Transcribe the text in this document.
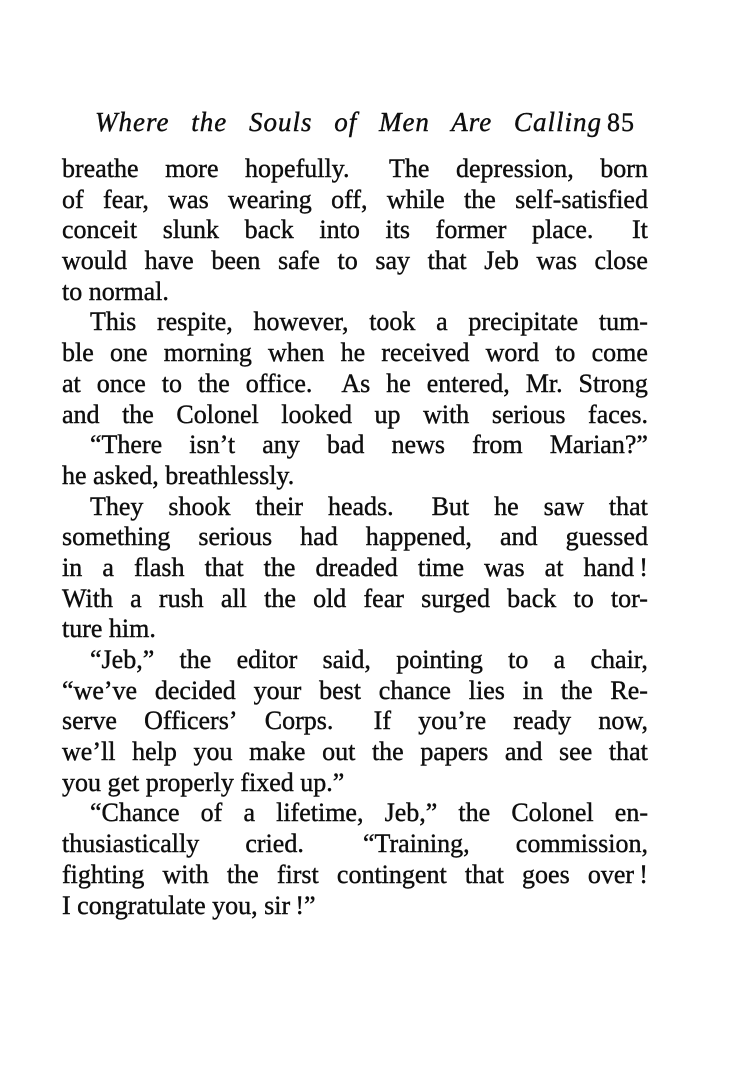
Where the Souls of Men Are Calling 85
breathe more hopefully.  The depression, born
of fear, was wearing off, while the self-satisfied
conceit slunk back into its former place.  It
would have been safe to say that Jeb was close
to normal.
This respite, however, took a precipitate tum-
ble one morning when he received word to come
at once to the office.  As he entered, Mr. Strong
and the Colonel looked up with serious faces.
“There isn’t any bad news from Marian?”
he asked, breathlessly.
They shook their heads.  But he saw that
something serious had happened, and guessed
in a flash that the dreaded time was at hand !
With a rush all the old fear surged back to tor-
ture him.
“Jeb,” the editor said, pointing to a chair,
“we’ve decided your best chance lies in the Re-
serve Officers’ Corps.  If you’re ready now,
we’ll help you make out the papers and see that
you get properly fixed up.”
“Chance of a lifetime, Jeb,” the Colonel en-
thusiastically cried.  “Training, commission,
fighting with the first contingent that goes over !
I congratulate you, sir !”
